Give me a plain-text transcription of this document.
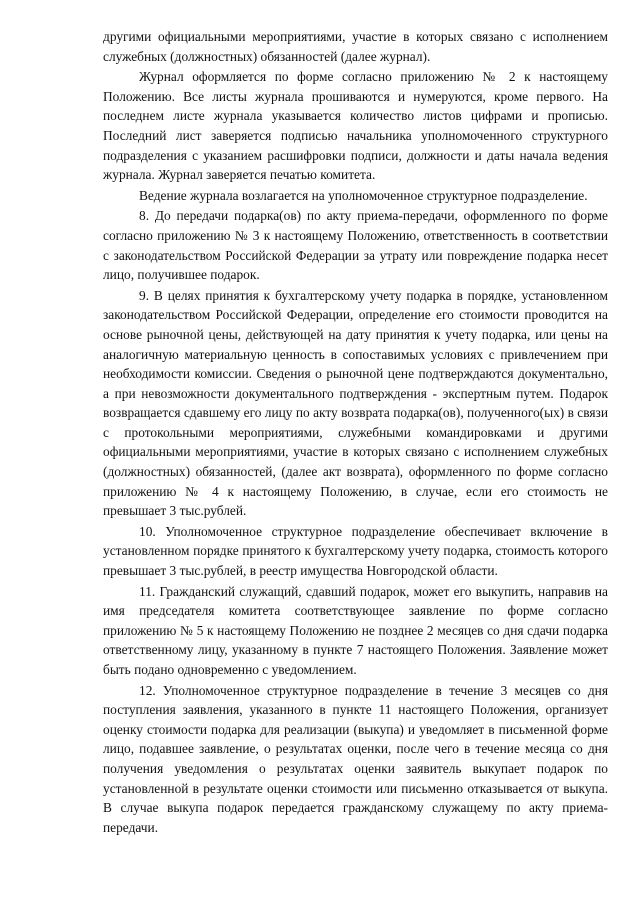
другими официальными мероприятиями, участие в которых связано с исполнением служебных (должностных) обязанностей (далее журнал).

Журнал оформляется по форме согласно приложению № 2 к настоящему Положению. Все листы журнала прошиваются и нумеруются, кроме первого. На последнем листе журнала указывается количество листов цифрами и прописью. Последний лист заверяется подписью начальника уполномоченного структурного подразделения с указанием расшифровки подписи, должности и даты начала ведения журнала. Журнал заверяется печатью комитета.

Ведение журнала возлагается на уполномоченное структурное подразделение.

8. До передачи подарка(ов) по акту приема-передачи, оформленного по форме согласно приложению № 3 к настоящему Положению, ответственность в соответствии с законодательством Российской Федерации за утрату или повреждение подарка несет лицо, получившее подарок.

9. В целях принятия к бухгалтерскому учету подарка в порядке, установленном законодательством Российской Федерации, определение его стоимости проводится на основе рыночной цены, действующей на дату принятия к учету подарка, или цены на аналогичную материальную ценность в сопоставимых условиях с привлечением при необходимости комиссии. Сведения о рыночной цене подтверждаются документально, а при невозможности документального подтверждения - экспертным путем. Подарок возвращается сдавшему его лицу по акту возврата подарка(ов), полученного(ых) в связи с протокольными мероприятиями, служебными командировками и другими официальными мероприятиями, участие в которых связано с исполнением служебных (должностных) обязанностей, (далее акт возврата), оформленного по форме согласно приложению № 4 к настоящему Положению, в случае, если его стоимость не превышает 3 тыс.рублей.

10. Уполномоченное структурное подразделение обеспечивает включение в установленном порядке принятого к бухгалтерскому учету подарка, стоимость которого превышает 3 тыс.рублей, в реестр имущества Новгородской области.

11. Гражданский служащий, сдавший подарок, может его выкупить, направив на имя председателя комитета соответствующее заявление по форме согласно приложению № 5 к настоящему Положению не позднее 2 месяцев со дня сдачи подарка ответственному лицу, указанному в пункте 7 настоящего Положения. Заявление может быть подано одновременно с уведомлением.

12. Уполномоченное структурное подразделение в течение 3 месяцев со дня поступления заявления, указанного в пункте 11 настоящего Положения, организует оценку стоимости подарка для реализации (выкупа) и уведомляет в письменной форме лицо, подавшее заявление, о результатах оценки, после чего в течение месяца со дня получения уведомления о результатах оценки заявитель выкупает подарок по установленной в результате оценки стоимости или письменно отказывается от выкупа. В случае выкупа подарок передается гражданскому служащему по акту приема-передачи.
